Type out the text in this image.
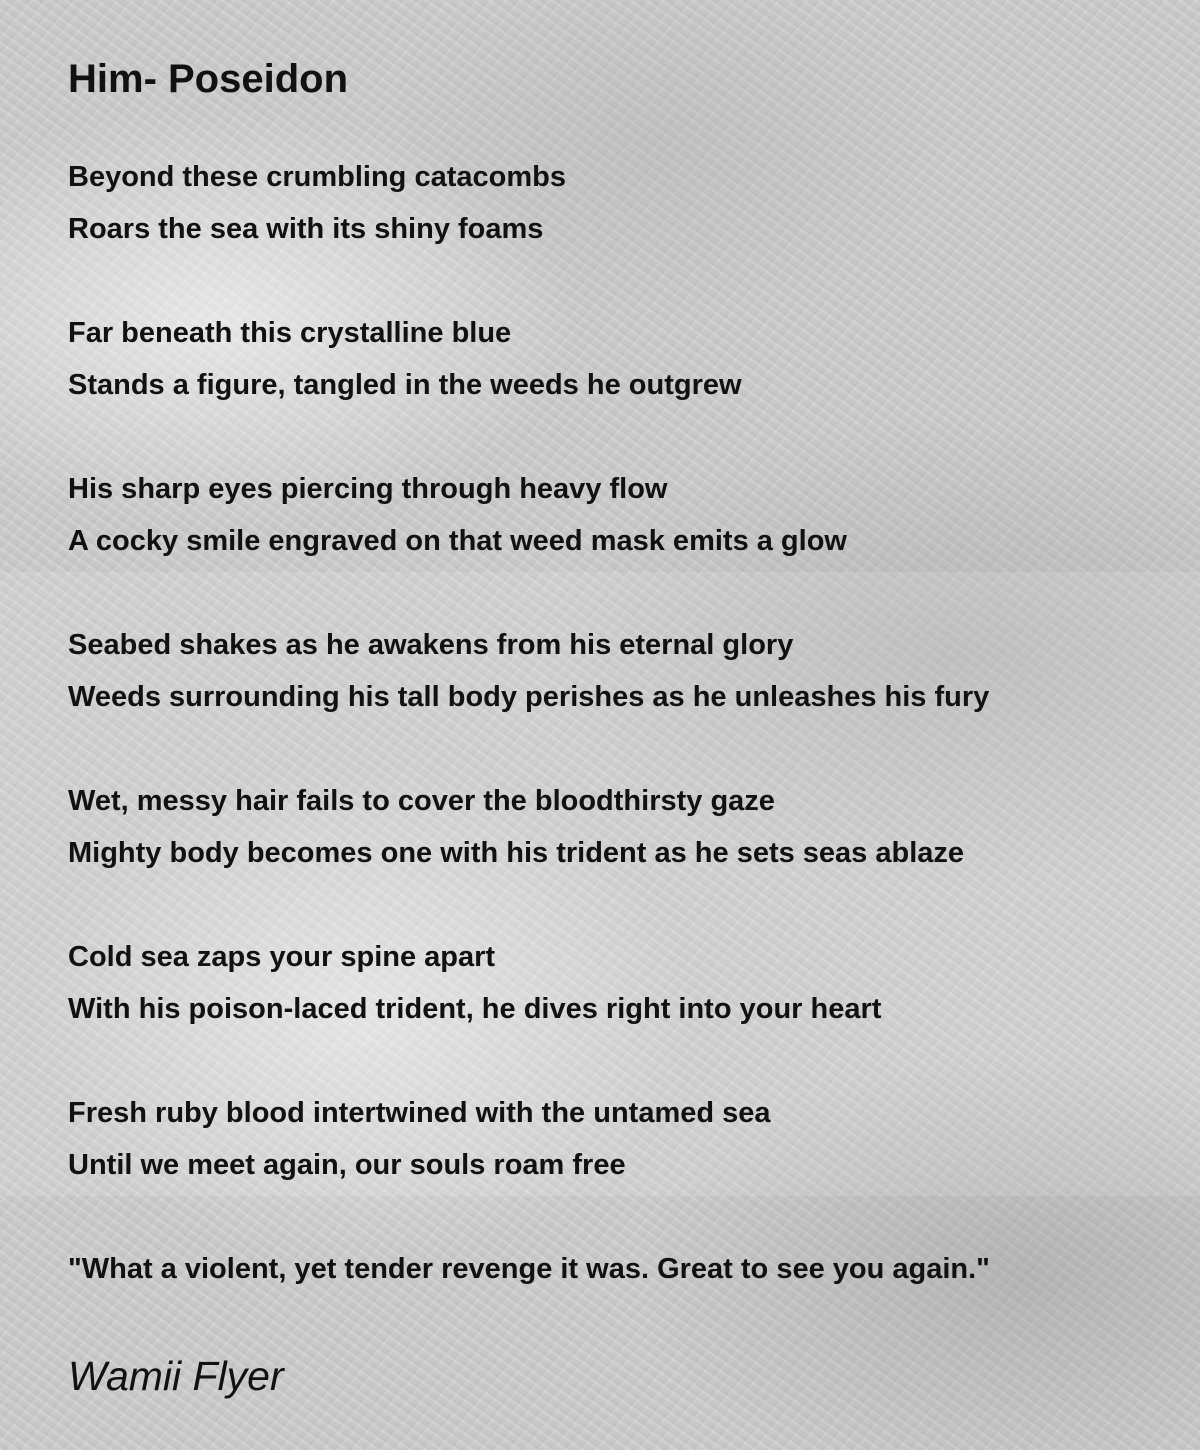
Him- Poseidon
Beyond these crumbling catacombs
Roars the sea with its shiny foams
Far beneath this crystalline blue
Stands a figure, tangled in the weeds he outgrew
His sharp eyes piercing through heavy flow
A cocky smile engraved on that weed mask emits a glow
Seabed shakes as he awakens from his eternal glory
Weeds surrounding his tall body perishes as he unleashes his fury
Wet, messy hair fails to cover the bloodthirsty gaze
Mighty body becomes one with his trident as he sets seas ablaze
Cold sea zaps your spine apart
With his poison-laced trident, he dives right into your heart
Fresh ruby blood intertwined with the untamed sea
Until we meet again, our souls roam free

"What a violent, yet tender revenge it was. Great to see you again."

Wamii Flyer
